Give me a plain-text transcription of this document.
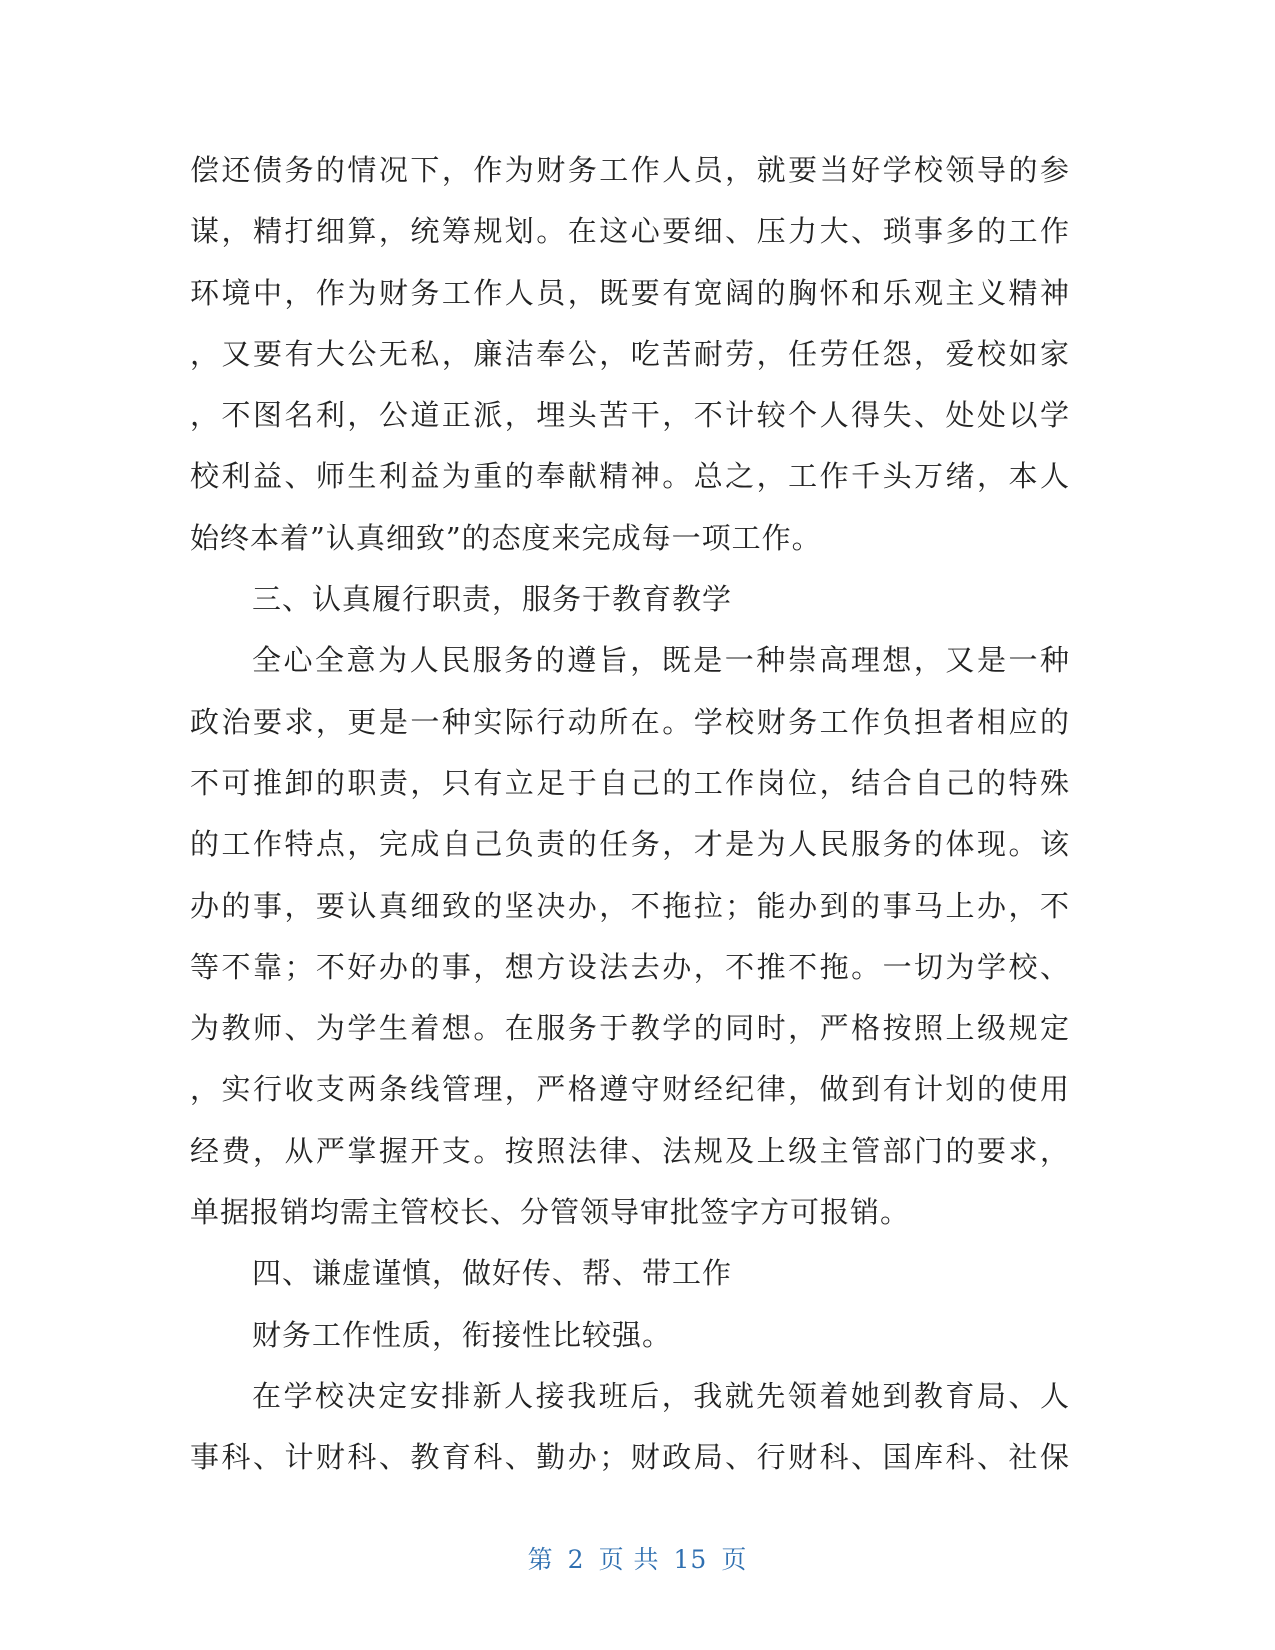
偿还债务的情况下，作为财务工作人员，就要当好学校领导的参
谋，精打细算，统筹规划。在这心要细、压力大、琐事多的工作
环境中，作为财务工作人员，既要有宽阔的胸怀和乐观主义精神
，又要有大公无私，廉洁奉公，吃苦耐劳，任劳任怨，爱校如家
，不图名利，公道正派，埋头苦干，不计较个人得失、处处以学
校利益、师生利益为重的奉献精神。总之，工作千头万绪，本人
始终本着”认真细致”的态度来完成每一项工作。
三、认真履行职责，服务于教育教学
全心全意为人民服务的遵旨，既是一种崇高理想，又是一种
政治要求，更是一种实际行动所在。学校财务工作负担者相应的
不可推卸的职责，只有立足于自己的工作岗位，结合自己的特殊
的工作特点，完成自己负责的任务，才是为人民服务的体现。该
办的事，要认真细致的坚决办，不拖拉；能办到的事马上办，不
等不靠；不好办的事，想方设法去办，不推不拖。一切为学校、
为教师、为学生着想。在服务于教学的同时，严格按照上级规定
，实行收支两条线管理，严格遵守财经纪律，做到有计划的使用
经费，从严掌握开支。按照法律、法规及上级主管部门的要求，
单据报销均需主管校长、分管领导审批签字方可报销。
四、谦虚谨慎，做好传、帮、带工作
财务工作性质，衔接性比较强。
在学校决定安排新人接我班后，我就先领着她到教育局、人
事科、计财科、教育科、勤办；财政局、行财科、国库科、社保
第 2 页 共 15 页
